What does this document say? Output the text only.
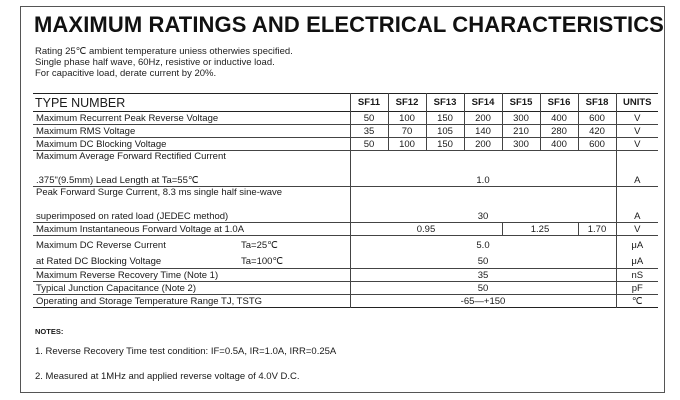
MAXIMUM RATINGS AND ELECTRICAL CHARACTERISTICS
Rating 25℃ ambient temperature uniess otherwies specified.
Single phase half wave, 60Hz, resistive or inductive load.
For capacitive load, derate current by 20%.
TYPE NUMBER	SF11	SF12	SF13	SF14	SF15	SF16	SF18	UNITS
Maximum Recurrent Peak Reverse Voltage	50	100	150	200	300	400	600	V
Maximum RMS Voltage	35	70	105	140	210	280	420	V
Maximum DC Blocking Voltage	50	100	150	200	300	400	600	V
Maximum Average Forward Rectified Current								
.375"(9.5mm) Lead Length at Ta=55℃	1.0							A
Peak Forward Surge Current, 8.3 ms single half sine-wave								
superimposed on rated load (JEDEC method)	30							A
Maximum Instantaneous Forward Voltage at 1.0A	0.95				1.25		1.70	V
Maximum DC Reverse Current Ta=25℃	5.0							μA
at Rated DC Blocking Voltage Ta=100℃	50							μA
Maximum Reverse Recovery Time (Note 1)	35							nS
Typical Junction Capacitance (Note 2)	50							pF
Operating and Storage Temperature Range TJ, TSTG	-65—+150							℃
NOTES:
1. Reverse Recovery Time test condition: IF=0.5A, IR=1.0A, IRR=0.25A
2. Measured at 1MHz and applied reverse voltage of 4.0V D.C.
